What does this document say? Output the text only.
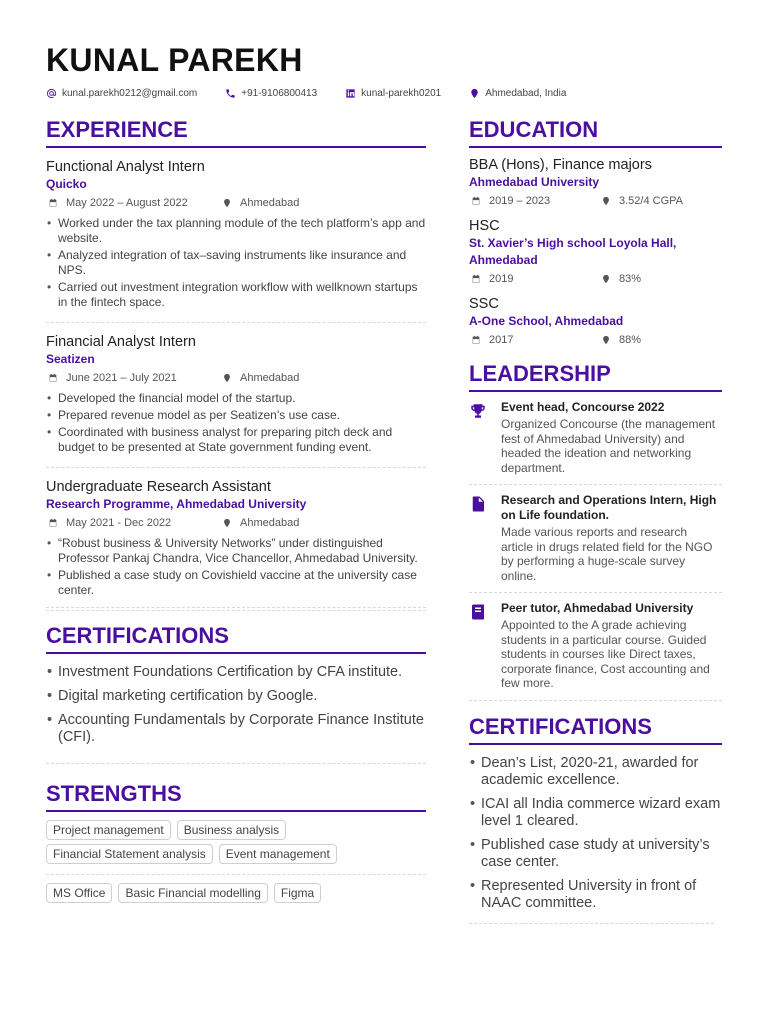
KUNAL PAREKH
kunal.parekh0212@gmail.com	+91-9106800413	kunal-parekh0201	Ahmedabad, India
EXPERIENCE
Functional Analyst Intern
Quicko
May 2022 – August 2022	Ahmedabad
• Worked under the tax planning module of the tech platform’s app and website.
• Analyzed integration of tax–saving instruments like insurance and NPS.
• Carried out investment integration workflow with wellknown startups in the fintech space.
Financial Analyst Intern
Seatizen
June 2021 – July 2021	Ahmedabad
• Developed the financial model of the startup.
• Prepared revenue model as per Seatizen’s use case.
• Coordinated with business analyst for preparing pitch deck and budget to be presented at State government funding event.
Undergraduate Research Assistant
Research Programme, Ahmedabad University
May 2021 - Dec 2022	Ahmedabad
• “Robust business & University Networks” under distinguished Professor Pankaj Chandra, Vice Chancellor, Ahmedabad University.
• Published a case study on Covishield vaccine at the university case center.
CERTIFICATIONS
• Investment Foundations Certification by CFA institute.
• Digital marketing certification by Google.
• Accounting Fundamentals by Corporate Finance Institute (CFI).
STRENGTHS
Project management	Business analysis
Financial Statement analysis	Event management
MS Office	Basic Financial modelling	Figma
EDUCATION
BBA (Hons), Finance majors
Ahmedabad University
2019 – 2023	3.52/4 CGPA
HSC
St. Xavier’s High school Loyola Hall, Ahmedabad
2019	83%
SSC
A-One School, Ahmedabad
2017	88%
LEADERSHIP
Event head, Concourse 2022
Organized Concourse (the management fest of Ahmedabad University) and headed the ideation and networking department.
Research and Operations Intern, High on Life foundation.
Made various reports and research article in drugs related field for the NGO by performing a huge-scale survey online.
Peer tutor, Ahmedabad University
Appointed to the A grade achieving students in a particular course. Guided students in courses like Direct taxes, corporate finance, Cost accounting and few more.
CERTIFICATIONS
• Dean’s List, 2020-21, awarded for academic excellence.
• ICAI all India commerce wizard exam level 1 cleared.
• Published case study at university’s case center.
• Represented University in front of NAAC committee.
